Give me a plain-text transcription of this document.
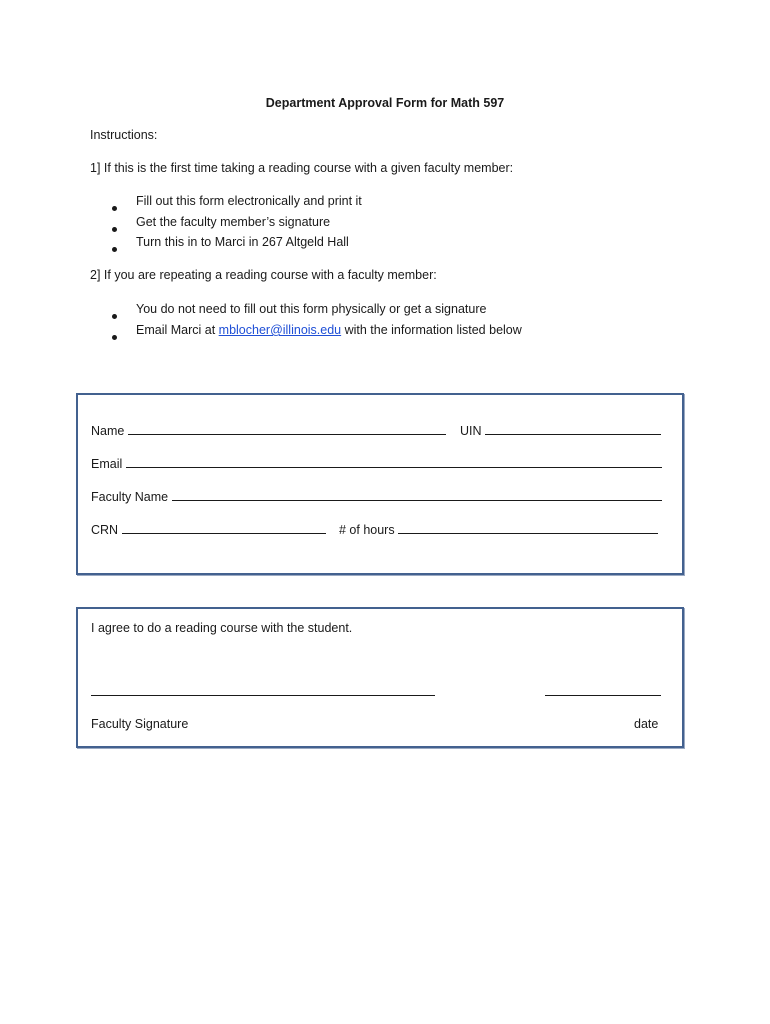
Department Approval Form for Math 597
Instructions:
1] If this is the first time taking a reading course with a given faculty member:
Fill out this form electronically and print it
Get the faculty member’s signature
Turn this in to Marci in 267 Altgeld Hall
2] If you are repeating a reading course with a faculty member:
You do not need to fill out this form physically or get a signature
Email Marci at mblocher@illinois.edu with the information listed below
Name	UIN
Email
Faculty Name
CRN	# of hours
I agree to do a reading course with the student.
Faculty Signature	date
